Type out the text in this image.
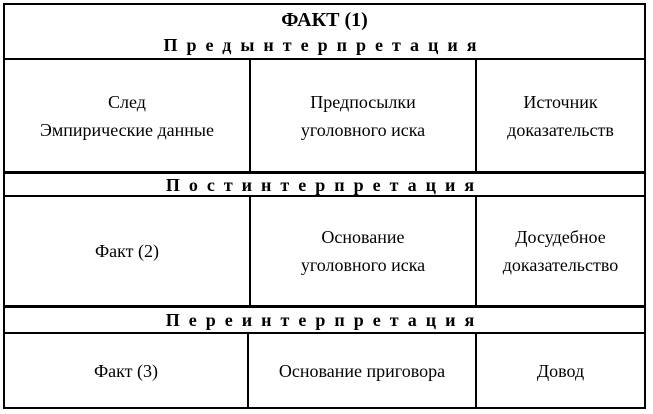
ФАКТ (1)
Предынтерпретация
След
Эмпирические данные
Предпосылки
уголовного иска
Источник
доказательств
Постинтерпретация
Факт (2)
Основание
уголовного иска
Досудебное
доказательство
Переинтерпретация
Факт (3)	Основание приговора	Довод
